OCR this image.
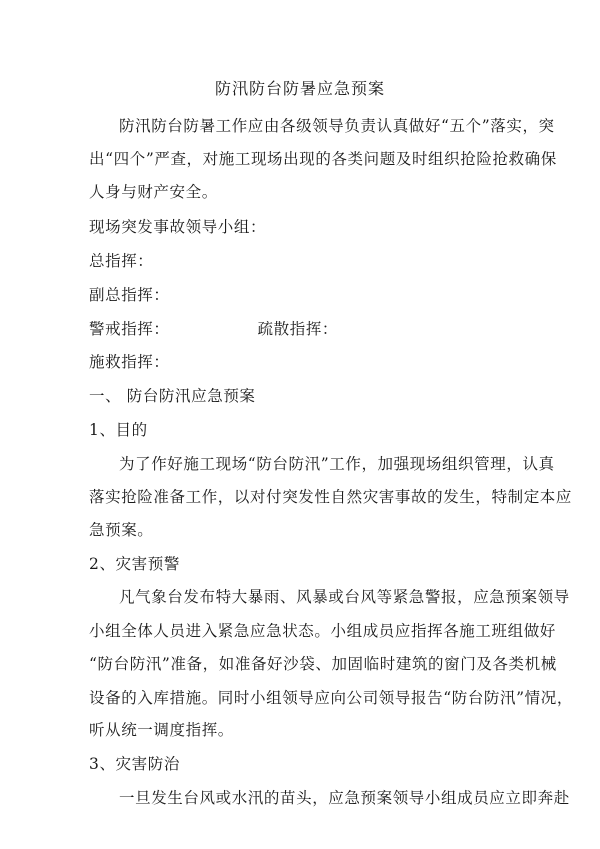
防汛防台防暑应急预案
防汛防台防暑工作应由各级领导负责认真做好“五个”落实，突
出“四个”严查，对施工现场出现的各类问题及时组织抢险抢救确保
人身与财产安全。
现场突发事故领导小组：
总指挥：
副总指挥：
警戒指挥：	疏散指挥：
施救指挥：
一、 防台防汛应急预案
1、目的
为了作好施工现场“防台防汛”工作，加强现场组织管理，认真
落实抢险准备工作，以对付突发性自然灾害事故的发生，特制定本应
急预案。
2、灾害预警
凡气象台发布特大暴雨、风暴或台风等紧急警报，应急预案领导
小组全体人员进入紧急应急状态。小组成员应指挥各施工班组做好
“防台防汛”准备，如准备好沙袋、加固临时建筑的窗门及各类机械
设备的入库措施。同时小组领导应向公司领导报告“防台防汛”情况，
听从统一调度指挥。
3、灾害防治
一旦发生台风或水汛的苗头，应急预案领导小组成员应立即奔赴
